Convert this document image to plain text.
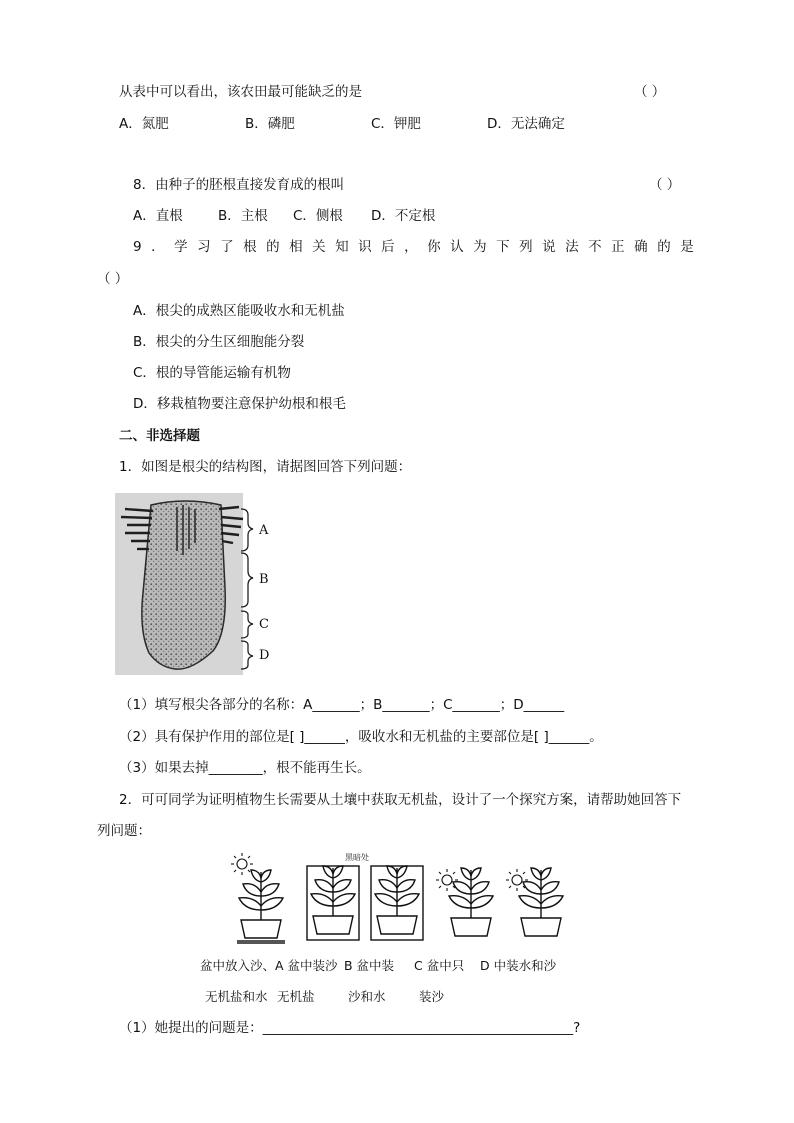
从表中可以看出，该农田最可能缺乏的是	（ ）
A．氮肥	B．磷肥	C．钾肥	D．无法确定
8．由种子的胚根直接发育成的根叫	（ ）
A．直根	B．主根 C．侧根 D．不定根
9．学习了根的相关知识后，你认为下列说法不正确的是
（ ）
A．根尖的成熟区能吸收水和无机盐
B．根尖的分生区细胞能分裂
C．根的导管能运输有机物
D．移栽植物要注意保护幼根和根毛
二、非选择题
1．如图是根尖的结构图，请据图回答下列问题：
A
B
C
D
（1）填写根尖各部分的名称：A_______；B_______；C_______；D______
（2）具有保护作用的部位是[ ]______，吸收水和无机盐的主要部位是[ ]______。
（3）如果去掉________，根不能再生长。
2．可可同学为证明植物生长需要从土壤中获取无机盐，设计了一个探究方案，请帮助她回答下
列问题：
黑暗处
盆中放入沙、 A 盆中装沙 B 盆中装 C 盆中只 D 中装水和沙
无机盐和水 无机盐	沙和水	装沙
（1）她提出的问题是：______________________________________________?
